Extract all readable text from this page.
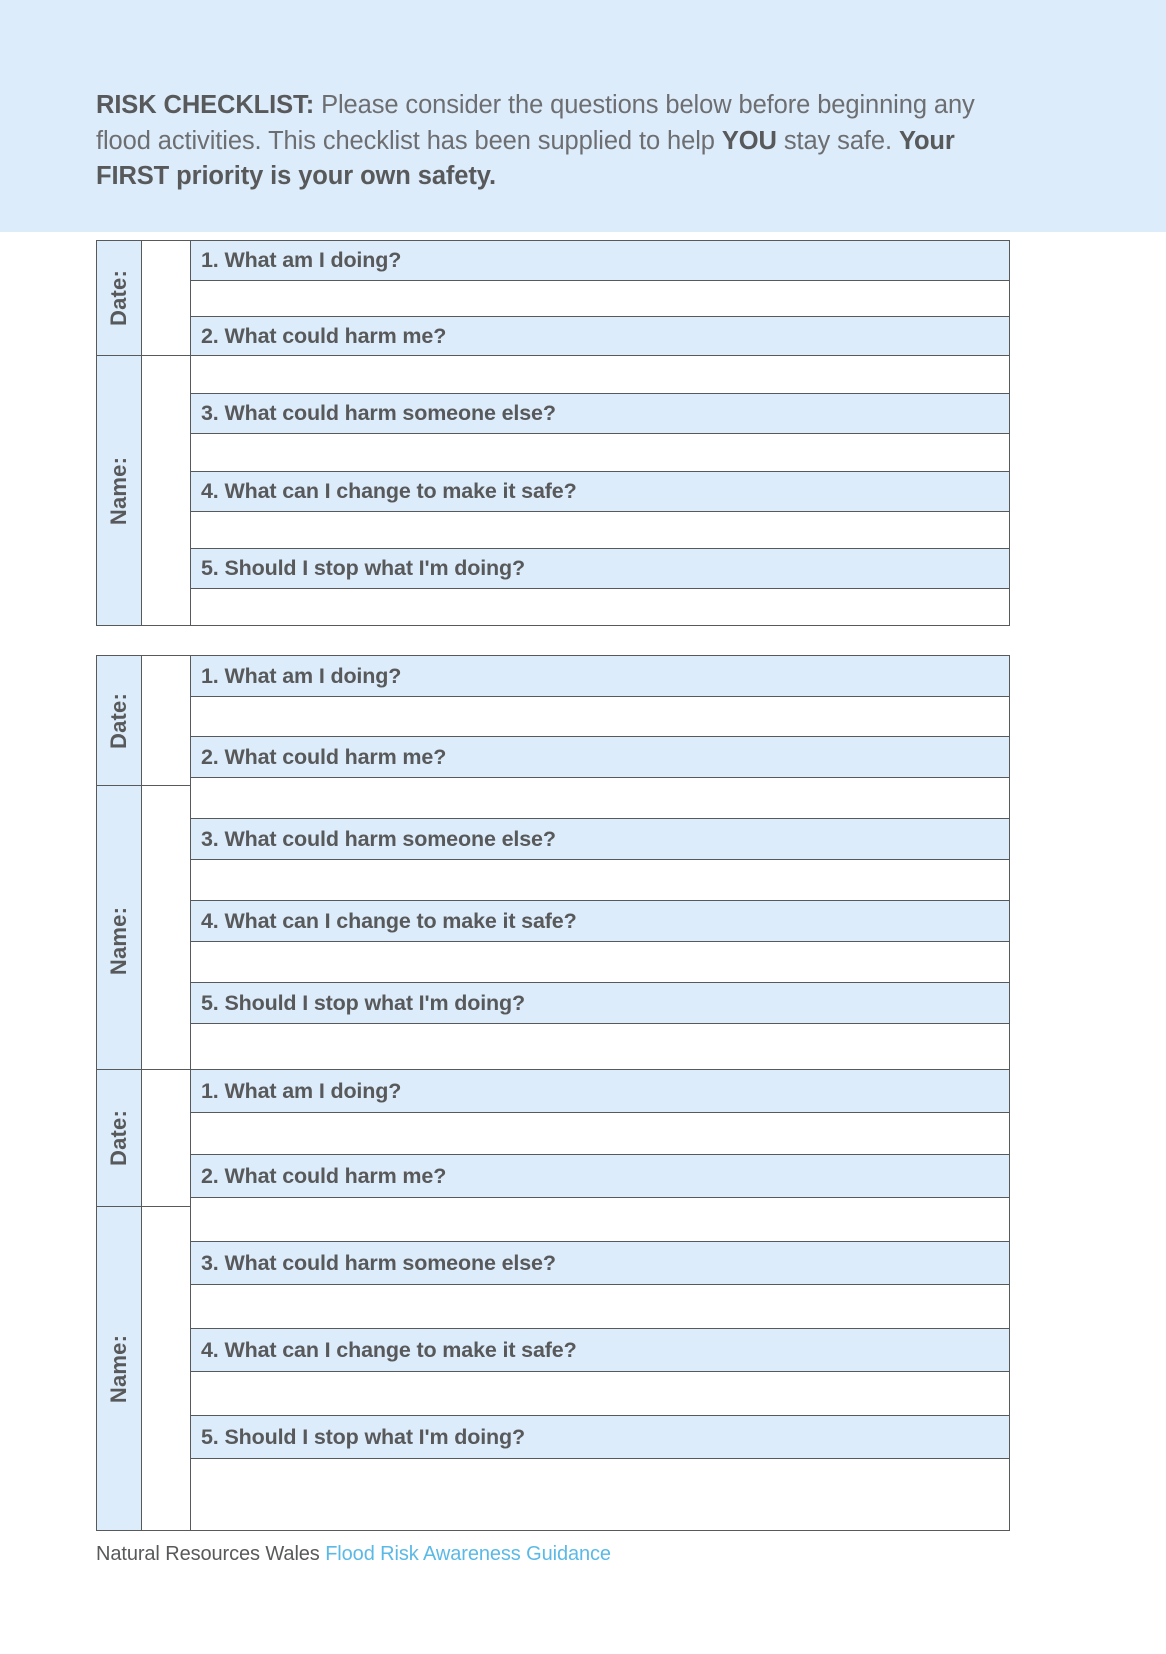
RISK CHECKLIST: Please consider the questions below before beginning any flood activities. This checklist has been supplied to help YOU stay safe. Your FIRST priority is your own safety.
Date:
Name:
1. What am I doing?
2. What could harm me?
3. What could harm someone else?
4. What can I change to make it safe?
5. Should I stop what I'm doing?
Date:
Name:
1. What am I doing?
2. What could harm me?
3. What could harm someone else?
4. What can I change to make it safe?
5. Should I stop what I'm doing?
Date:
Name:
1. What am I doing?
2. What could harm me?
3. What could harm someone else?
4. What can I change to make it safe?
5. Should I stop what I'm doing?
Natural Resources Wales Flood Risk Awareness Guidance
